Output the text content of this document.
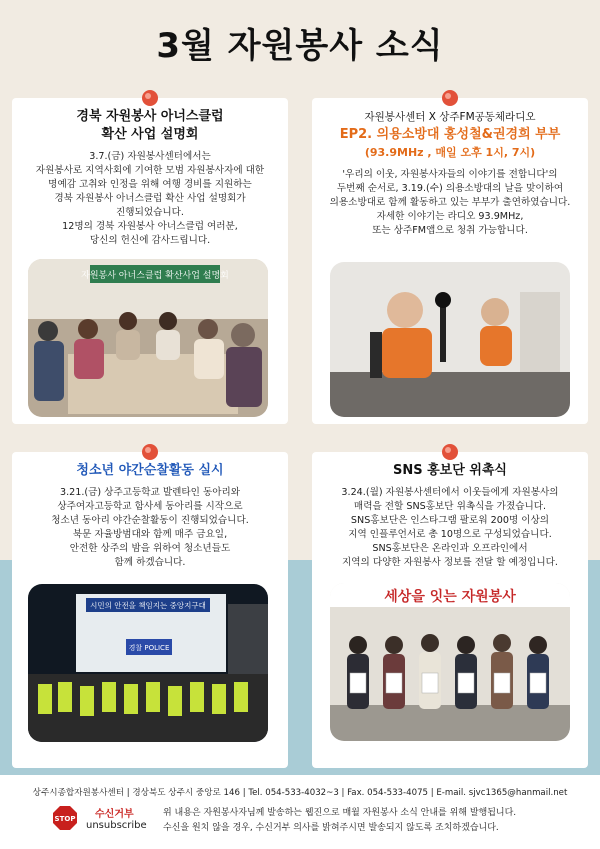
3월 자원봉사 소식
경북 자원봉사 아너스클럽
확산 사업 설명회
3.7.(금) 자원봉사센터에서는
자원봉사로 지역사회에 기여한 모범 자원봉사자에 대한
명예감 고취와 인정을 위해 여행 경비를 지원하는
경북 자원봉사 아너스클럽 확산 사업 설명회가
진행되었습니다.
12명의 경북 자원봉사 아너스클럽 여러분,
당신의 헌신에 감사드립니다.
자원봉사 아너스클럽 확산사업 설명회
자원봉사센터 X 상주FM공동체라디오
EP2. 의용소방대 홍성철&권경희 부부
(93.9MHz , 매일 오후 1시, 7시)
'우리의 이웃, 자원봉사자들의 이야기를 전합니다'의
두번째 순서로, 3.19.(수) 의용소방대의 날을 맞이하여
의용소방대로 함께 활동하고 있는 부부가 출연하였습니다.
자세한 이야기는 라디오 93.9MHz,
또는 상주FM앱으로 청취 가능합니다.
청소년 야간순찰활동 실시
3.21.(금) 상주고등학교 발렌타인 동아리와
상주여자고등학교 함사세 동아리를 시작으로
청소년 동아리 야간순찰활동이 진행되었습니다.
북문 자율방범대와 함께 매주 금요일,
안전한 상주의 밤을 위하여 청소년들도
함께 하겠습니다.
시민의 안전을 책임지는 중앙지구대
경찰 POLICE
SNS 홍보단 위촉식
3.24.(월) 자원봉사센터에서 이웃들에게 자원봉사의
매력을 전할 SNS홍보단 위촉식을 가졌습니다.
SNS홍보단은 인스타그램 팔로워 200명 이상의
지역 인플루언서로 총 10명으로 구성되었습니다.
SNS홍보단은 온라인과 오프라인에서
지역의 다양한 자원봉사 정보를 전달 할 예정입니다.
세상을 잇는 자원봉사
상주시종합자원봉사센터 | 경상북도 상주시 중앙로 146 | Tel. 054-533-4032~3 | Fax. 054-533-4075 | E-mail. sjvc1365@hanmail.net
STOP 수신거부
unsubscribe
위 내용은 자원봉사자님께 발송하는 웹진으로 매월 자원봉사 소식 안내를 위해 발행됩니다.
수신을 원치 않을 경우, 수신거부 의사를 밝혀주시면 발송되지 않도록 조치하겠습니다.
